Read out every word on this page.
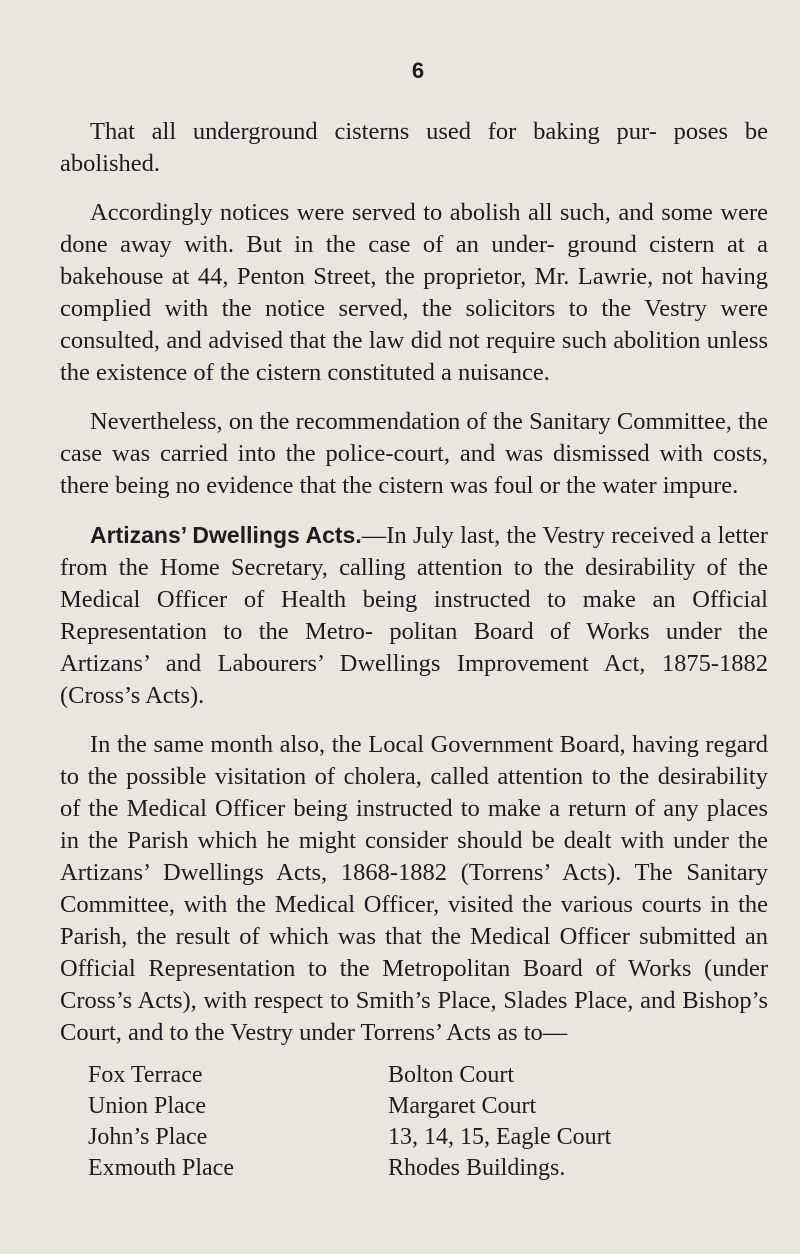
6

That all underground cisterns used for baking pur- poses be abolished.

Accordingly notices were served to abolish all such, and some were done away with. But in the case of an under- ground cistern at a bakehouse at 44, Penton Street, the proprietor, Mr. Lawrie, not having complied with the notice served, the solicitors to the Vestry were consulted, and advised that the law did not require such abolition unless the existence of the cistern constituted a nuisance.

Nevertheless, on the recommendation of the Sanitary Committee, the case was carried into the police-court, and was dismissed with costs, there being no evidence that the cistern was foul or the water impure.

Artizans’ Dwellings Acts.—In July last, the Vestry received a letter from the Home Secretary, calling attention to the desirability of the Medical Officer of Health being instructed to make an Official Representation to the Metro- politan Board of Works under the Artizans’ and Labourers’ Dwellings Improvement Act, 1875-1882 (Cross’s Acts).

In the same month also, the Local Government Board, having regard to the possible visitation of cholera, called attention to the desirability of the Medical Officer being instructed to make a return of any places in the Parish which he might consider should be dealt with under the Artizans’ Dwellings Acts, 1868-1882 (Torrens’ Acts). The Sanitary Committee, with the Medical Officer, visited the various courts in the Parish, the result of which was that the Medical Officer submitted an Official Representation to the Metropolitan Board of Works (under Cross’s Acts), with respect to Smith’s Place, Slades Place, and Bishop’s Court, and to the Vestry under Torrens’ Acts as to—

Fox Terrace
Union Place
John’s Place
Exmouth Place
Bolton Court
Margaret Court
13, 14, 15, Eagle Court
Rhodes Buildings.
